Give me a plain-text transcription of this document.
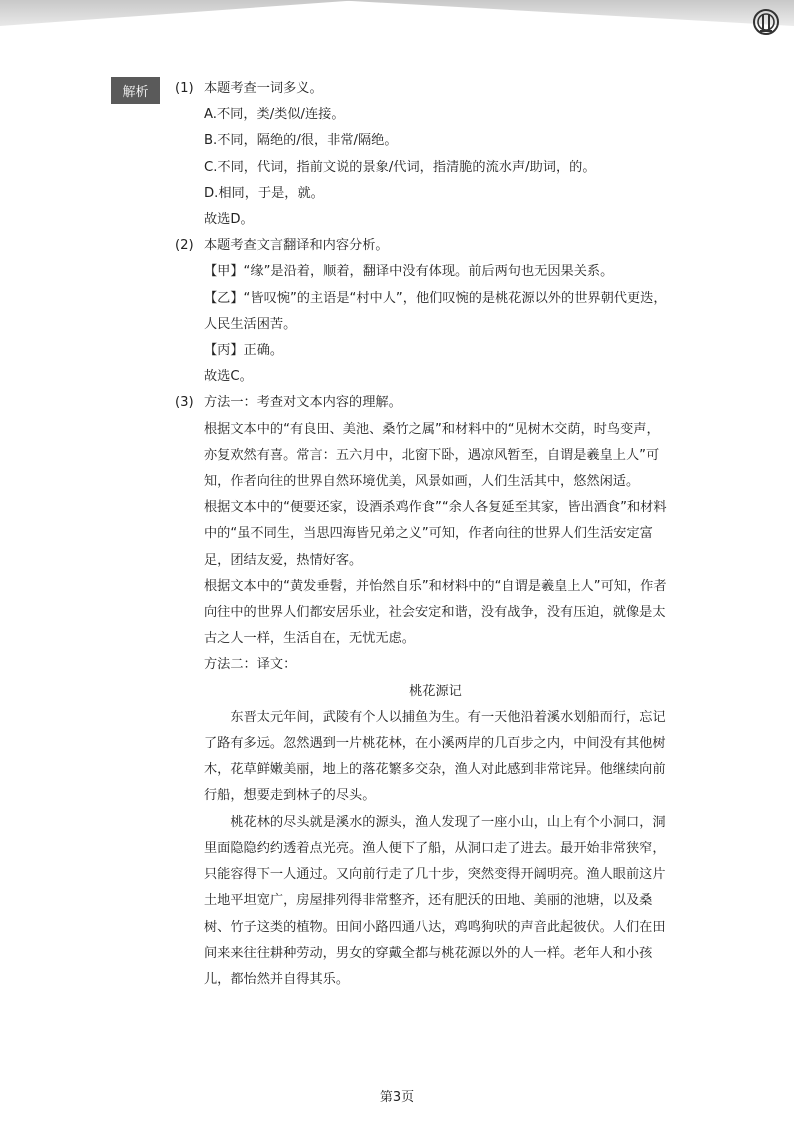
解析	(1) 本题考查一词多义。

A.不同，类/类似/连接。

B.不同，隔绝的/很，非常/隔绝。

C.不同，代词，指前文说的景象/代词，指清脆的流水声/助词，的。

D.相同，于是，就。

故选D。

(2) 本题考查文言翻译和内容分析。

【甲】“缘”是沿着，顺着，翻译中没有体现。前后两句也无因果关系。

【乙】“皆叹惋”的主语是“村中人”，他们叹惋的是桃花源以外的世界朝代更迭，人民生活困苦。

【丙】正确。

故选C。

(3) 方法一：考查对文本内容的理解。

根据文本中的“有良田、美池、桑竹之属”和材料中的“见树木交荫，时鸟变声，亦复欢然有喜。常言：五六月中，北窗下卧，遇凉风暂至，自谓是羲皇上人”可知，作者向往的世界自然环境优美，风景如画，人们生活其中，悠然闲适。

根据文本中的“便要还家，设酒杀鸡作食”“余人各复延至其家，皆出酒食”和材料中的“虽不同生，当思四海皆兄弟之义”可知，作者向往的世界人们生活安定富足，团结友爱，热情好客。

根据文本中的“黄发垂髫，并怡然自乐”和材料中的“自谓是羲皇上人”可知，作者向往中的世界人们都安居乐业，社会安定和谐，没有战争，没有压迫，就像是太古之人一样，生活自在，无忧无虑。

方法二：译文：

桃花源记

东晋太元年间，武陵有个人以捕鱼为生。有一天他沿着溪水划船而行，忘记了路有多远。忽然遇到一片桃花林，在小溪两岸的几百步之内，中间没有其他树木，花草鲜嫩美丽，地上的落花繁多交杂，渔人对此感到非常诧异。他继续向前行船，想要走到林子的尽头。

桃花林的尽头就是溪水的源头，渔人发现了一座小山，山上有个小洞口，洞里面隐隐约约透着点光亮。渔人便下了船，从洞口走了进去。最开始非常狭窄，只能容得下一人通过。又向前行走了几十步，突然变得开阔明亮。渔人眼前这片土地平坦宽广，房屋排列得非常整齐，还有肥沃的田地、美丽的池塘，以及桑树、竹子这类的植物。田间小路四通八达，鸡鸣狗吠的声音此起彼伏。人们在田间来来往往耕种劳动，男女的穿戴全都与桃花源以外的人一样。老年人和小孩儿，都怡然并自得其乐。

第3页
